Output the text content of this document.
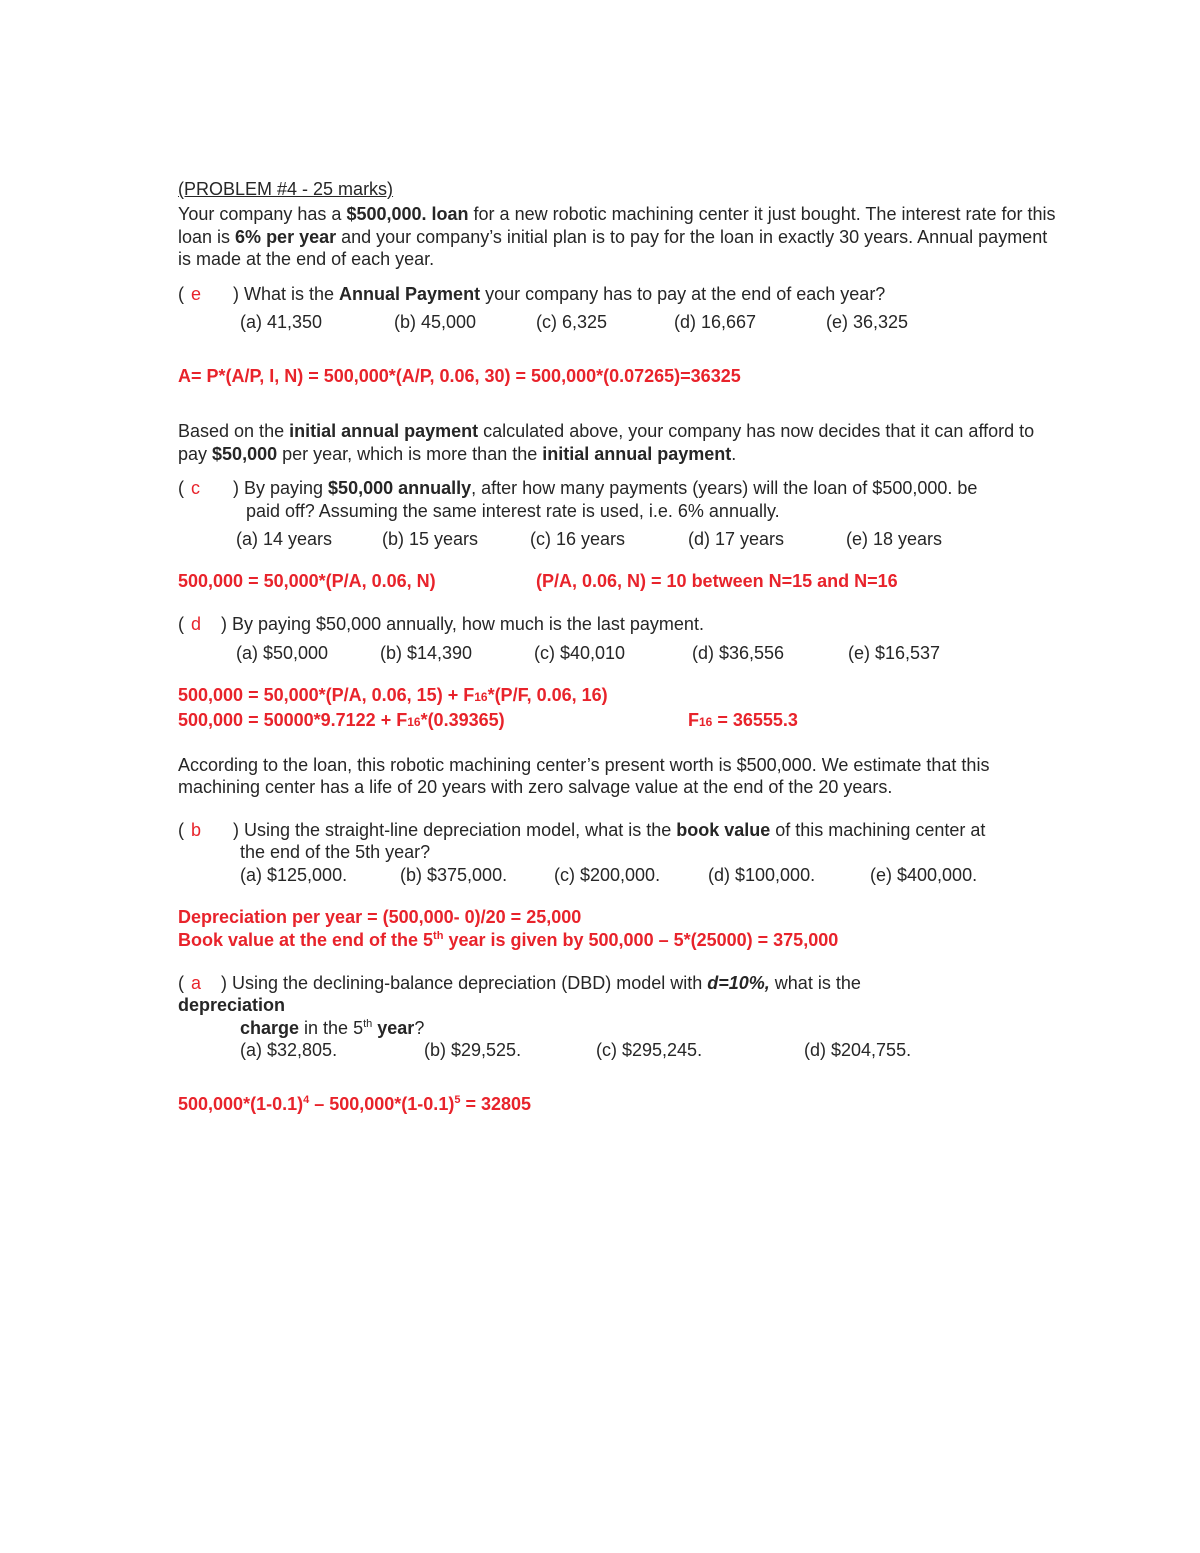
(PROBLEM #4 - 25 marks)

Your company has a $500,000. loan for a new robotic machining center it just bought. The interest rate for this loan is 6% per year and your company’s initial plan is to pay for the loan in exactly 30 years. Annual payment is made at the end of each year.

( e ) What is the Annual Payment your company has to pay at the end of each year?

(a) 41,350	(b) 45,000	(c) 6,325	(d) 16,667	(e) 36,325

A= P*(A/P, I, N) = 500,000*(A/P, 0.06, 30) = 500,000*(0.07265)=36325

Based on the initial annual payment calculated above, your company has now decides that it can afford to pay $50,000 per year, which is more than the initial annual payment.

( c ) By paying $50,000 annually, after how many payments (years) will the loan of $500,000. be

paid off? Assuming the same interest rate is used, i.e. 6% annually.

(a) 14 years	(b) 15 years	(c) 16 years	(d) 17 years	(e) 18 years

500,000 = 50,000*(P/A, 0.06, N)	(P/A, 0.06, N) = 10 between N=15 and N=16

( d ) By paying $50,000 annually, how much is the last payment.

(a) $50,000	(b) $14,390	(c) $40,010	(d) $36,556	(e) $16,537

500,000 = 50,000*(P/A, 0.06, 15) + F16*(P/F, 0.06, 16)

500,000 = 50000*9.7122 + F16*(0.39365)	F16 = 36555.3

According to the loan, this robotic machining center’s present worth is $500,000. We estimate that this machining center has a life of 20 years with zero salvage value at the end of the 20 years.

( b ) Using the straight-line depreciation model, what is the book value of this machining center at

the end of the 5th year?

(a) $125,000.	(b) $375,000.	(c) $200,000.	(d) $100,000.	(e) $400,000.

Depreciation per year = (500,000- 0)/20 = 25,000

Book value at the end of the 5th year is given by 500,000 – 5*(25000) = 375,000

( a ) Using the declining-balance depreciation (DBD) model with d=10%, what is the

depreciation

charge in the 5th year?

(a) $32,805.	(b) $29,525.	(c) $295,245.	(d) $204,755.

$500,000*(1-0.1)^4 - 500,000*(1-0.1)^5 = 32805$
